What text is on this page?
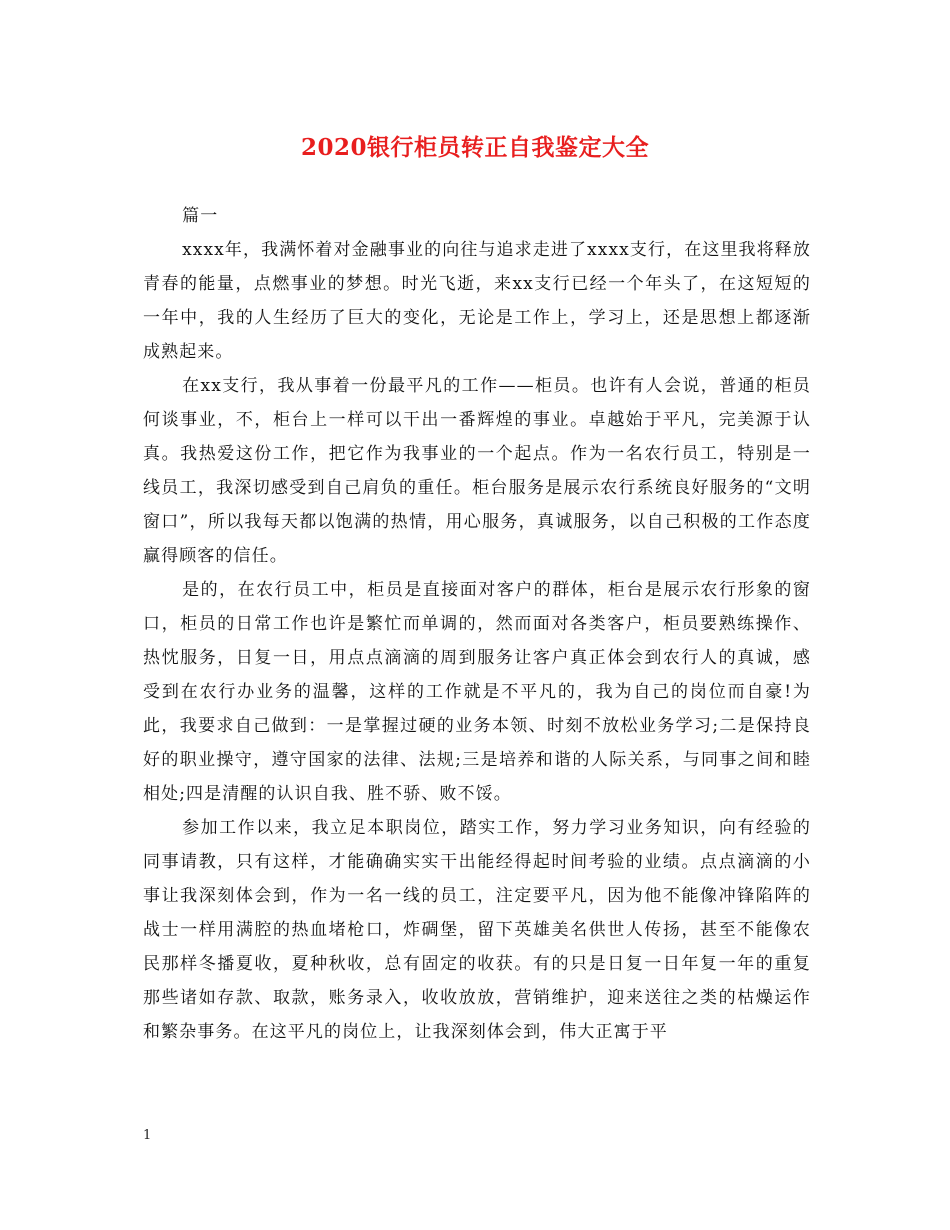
2020银行柜员转正自我鉴定大全

篇一

xxxx年，我满怀着对金融事业的向往与追求走进了xxxx支行，在这里我将释放青春的能量，点燃事业的梦想。时光飞逝，来xx支行已经一个年头了，在这短短的一年中，我的人生经历了巨大的变化，无论是工作上，学习上，还是思想上都逐渐成熟起来。

在xx支行，我从事着一份最平凡的工作——柜员。也许有人会说，普通的柜员何谈事业，不，柜台上一样可以干出一番辉煌的事业。卓越始于平凡，完美源于认真。我热爱这份工作，把它作为我事业的一个起点。作为一名农行员工，特别是一线员工，我深切感受到自己肩负的重任。柜台服务是展示农行系统良好服务的“文明窗口”，所以我每天都以饱满的热情，用心服务，真诚服务，以自己积极的工作态度赢得顾客的信任。

是的，在农行员工中，柜员是直接面对客户的群体，柜台是展示农行形象的窗口，柜员的日常工作也许是繁忙而单调的，然而面对各类客户，柜员要熟练操作、热忱服务，日复一日，用点点滴滴的周到服务让客户真正体会到农行人的真诚，感受到在农行办业务的温馨，这样的工作就是不平凡的，我为自己的岗位而自豪!为此，我要求自己做到：一是掌握过硬的业务本领、时刻不放松业务学习;二是保持良好的职业操守，遵守国家的法律、法规;三是培养和谐的人际关系，与同事之间和睦相处;四是清醒的认识自我、胜不骄、败不馁。

参加工作以来，我立足本职岗位，踏实工作，努力学习业务知识，向有经验的同事请教，只有这样，才能确确实实干出能经得起时间考验的业绩。点点滴滴的小事让我深刻体会到，作为一名一线的员工，注定要平凡，因为他不能像冲锋陷阵的战士一样用满腔的热血堵枪口，炸碉堡，留下英雄美名供世人传扬，甚至不能像农民那样冬播夏收，夏种秋收，总有固定的收获。有的只是日复一日年复一年的重复那些诸如存款、取款，账务录入，收收放放，营销维护，迎来送往之类的枯燥运作和繁杂事务。在这平凡的岗位上，让我深刻体会到，伟大正寓于平

1
